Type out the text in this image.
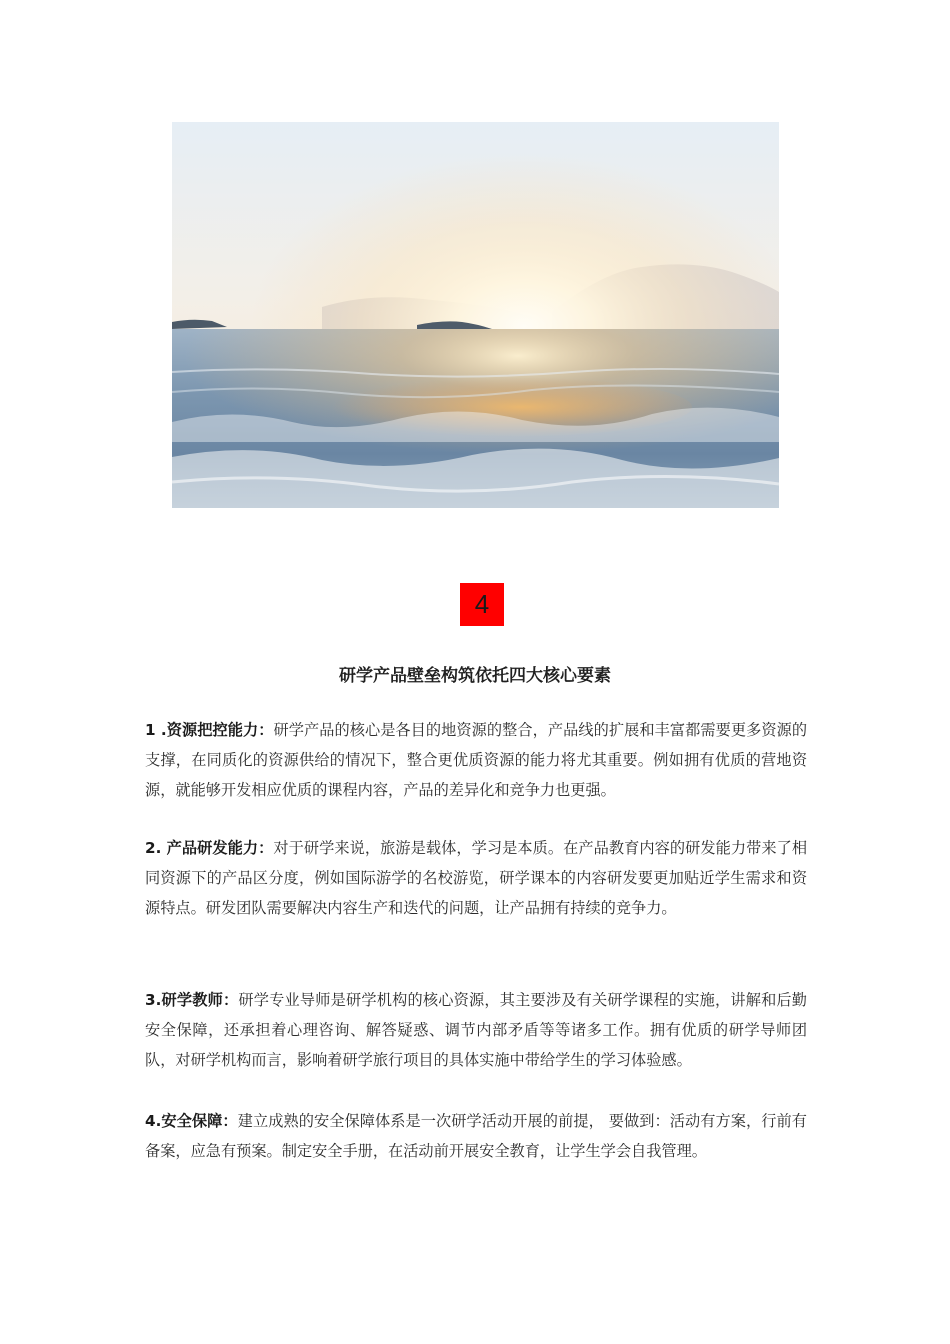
4
研学产品壁垒构筑依托四大核心要素

1 .资源把控能力：研学产品的核心是各目的地资源的整合，产品线的扩展和丰富都需要更多资源的支撑，在同质化的资源供给的情况下，整合更优质资源的能力将尤其重要。例如拥有优质的营地资源，就能够开发相应优质的课程内容，产品的差异化和竞争力也更强。

2. 产品研发能力：对于研学来说，旅游是载体，学习是本质。在产品教育内容的研发能力带来了相同资源下的产品区分度，例如国际游学的名校游览，研学课本的内容研发要更加贴近学生需求和资源特点。研发团队需要解决内容生产和迭代的问题，让产品拥有持续的竞争力。

3.研学教师：研学专业导师是研学机构的核心资源，其主要涉及有关研学课程的实施，讲解和后勤安全保障，还承担着心理咨询、解答疑惑、调节内部矛盾等等诸多工作。拥有优质的研学导师团队，对研学机构而言，影响着研学旅行项目的具体实施中带给学生的学习体验感。

4.安全保障：建立成熟的安全保障体系是一次研学活动开展的前提， 要做到：活动有方案，行前有备案，应急有预案。制定安全手册，在活动前开展安全教育，让学生学会自我管理。
